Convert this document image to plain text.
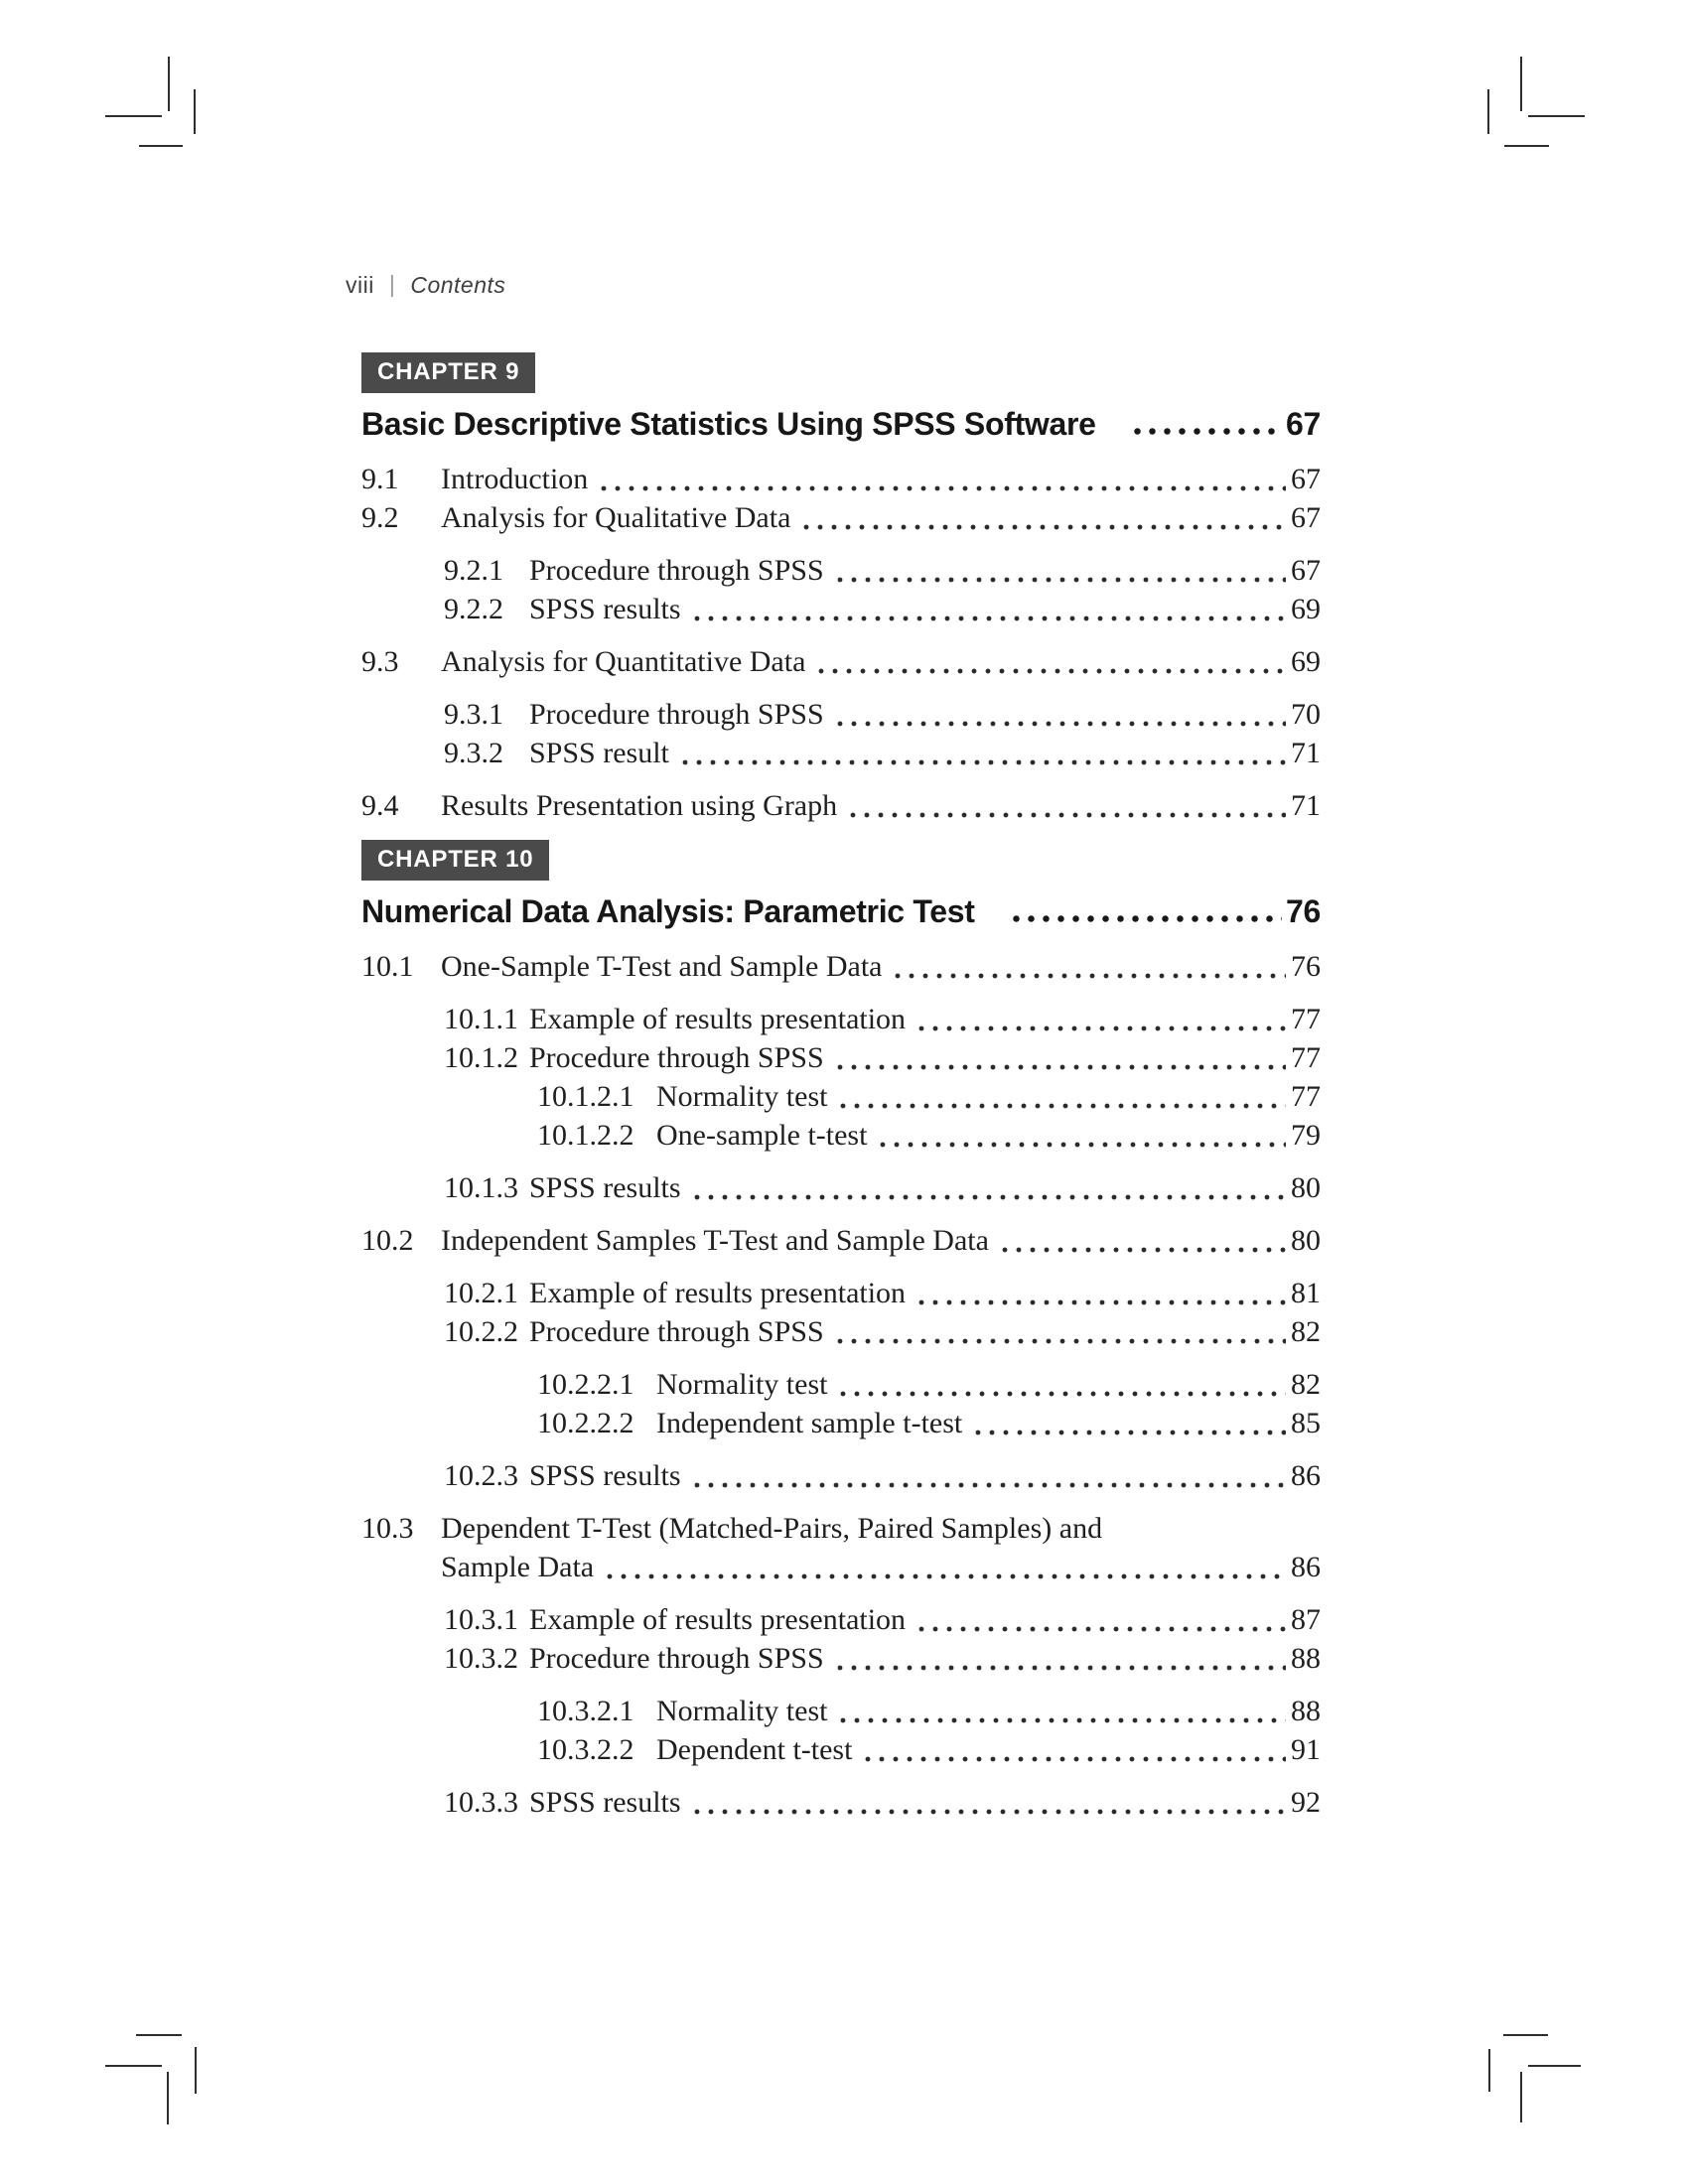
viii | Contents
CHAPTER 9
Basic Descriptive Statistics Using SPSS Software	67
9.1	Introduction	67
9.2	Analysis for Qualitative Data	67
9.2.1 Procedure through SPSS	67
9.2.2 SPSS results	69
9.3	Analysis for Quantitative Data	69
9.3.1 Procedure through SPSS	70
9.3.2 SPSS result	71
9.4	Results Presentation using Graph	71
CHAPTER 10
Numerical Data Analysis: Parametric Test	76
10.1 One-Sample T-Test and Sample Data	76
10.1.1 Example of results presentation	77
10.1.2 Procedure through SPSS	77
10.1.2.1 Normality test	77
10.1.2.2 One-sample t-test	79
10.1.3 SPSS results	80
10.2 Independent Samples T-Test and Sample Data	80
10.2.1 Example of results presentation	81
10.2.2 Procedure through SPSS	82
10.2.2.1 Normality test	82
10.2.2.2 Independent sample t-test	85
10.2.3 SPSS results	86
10.3 Dependent T-Test (Matched-Pairs, Paired Samples) and
Sample Data	86
10.3.1 Example of results presentation	87
10.3.2 Procedure through SPSS	88
10.3.2.1 Normality test	88
10.3.2.2 Dependent t-test	91
10.3.3 SPSS results	92
